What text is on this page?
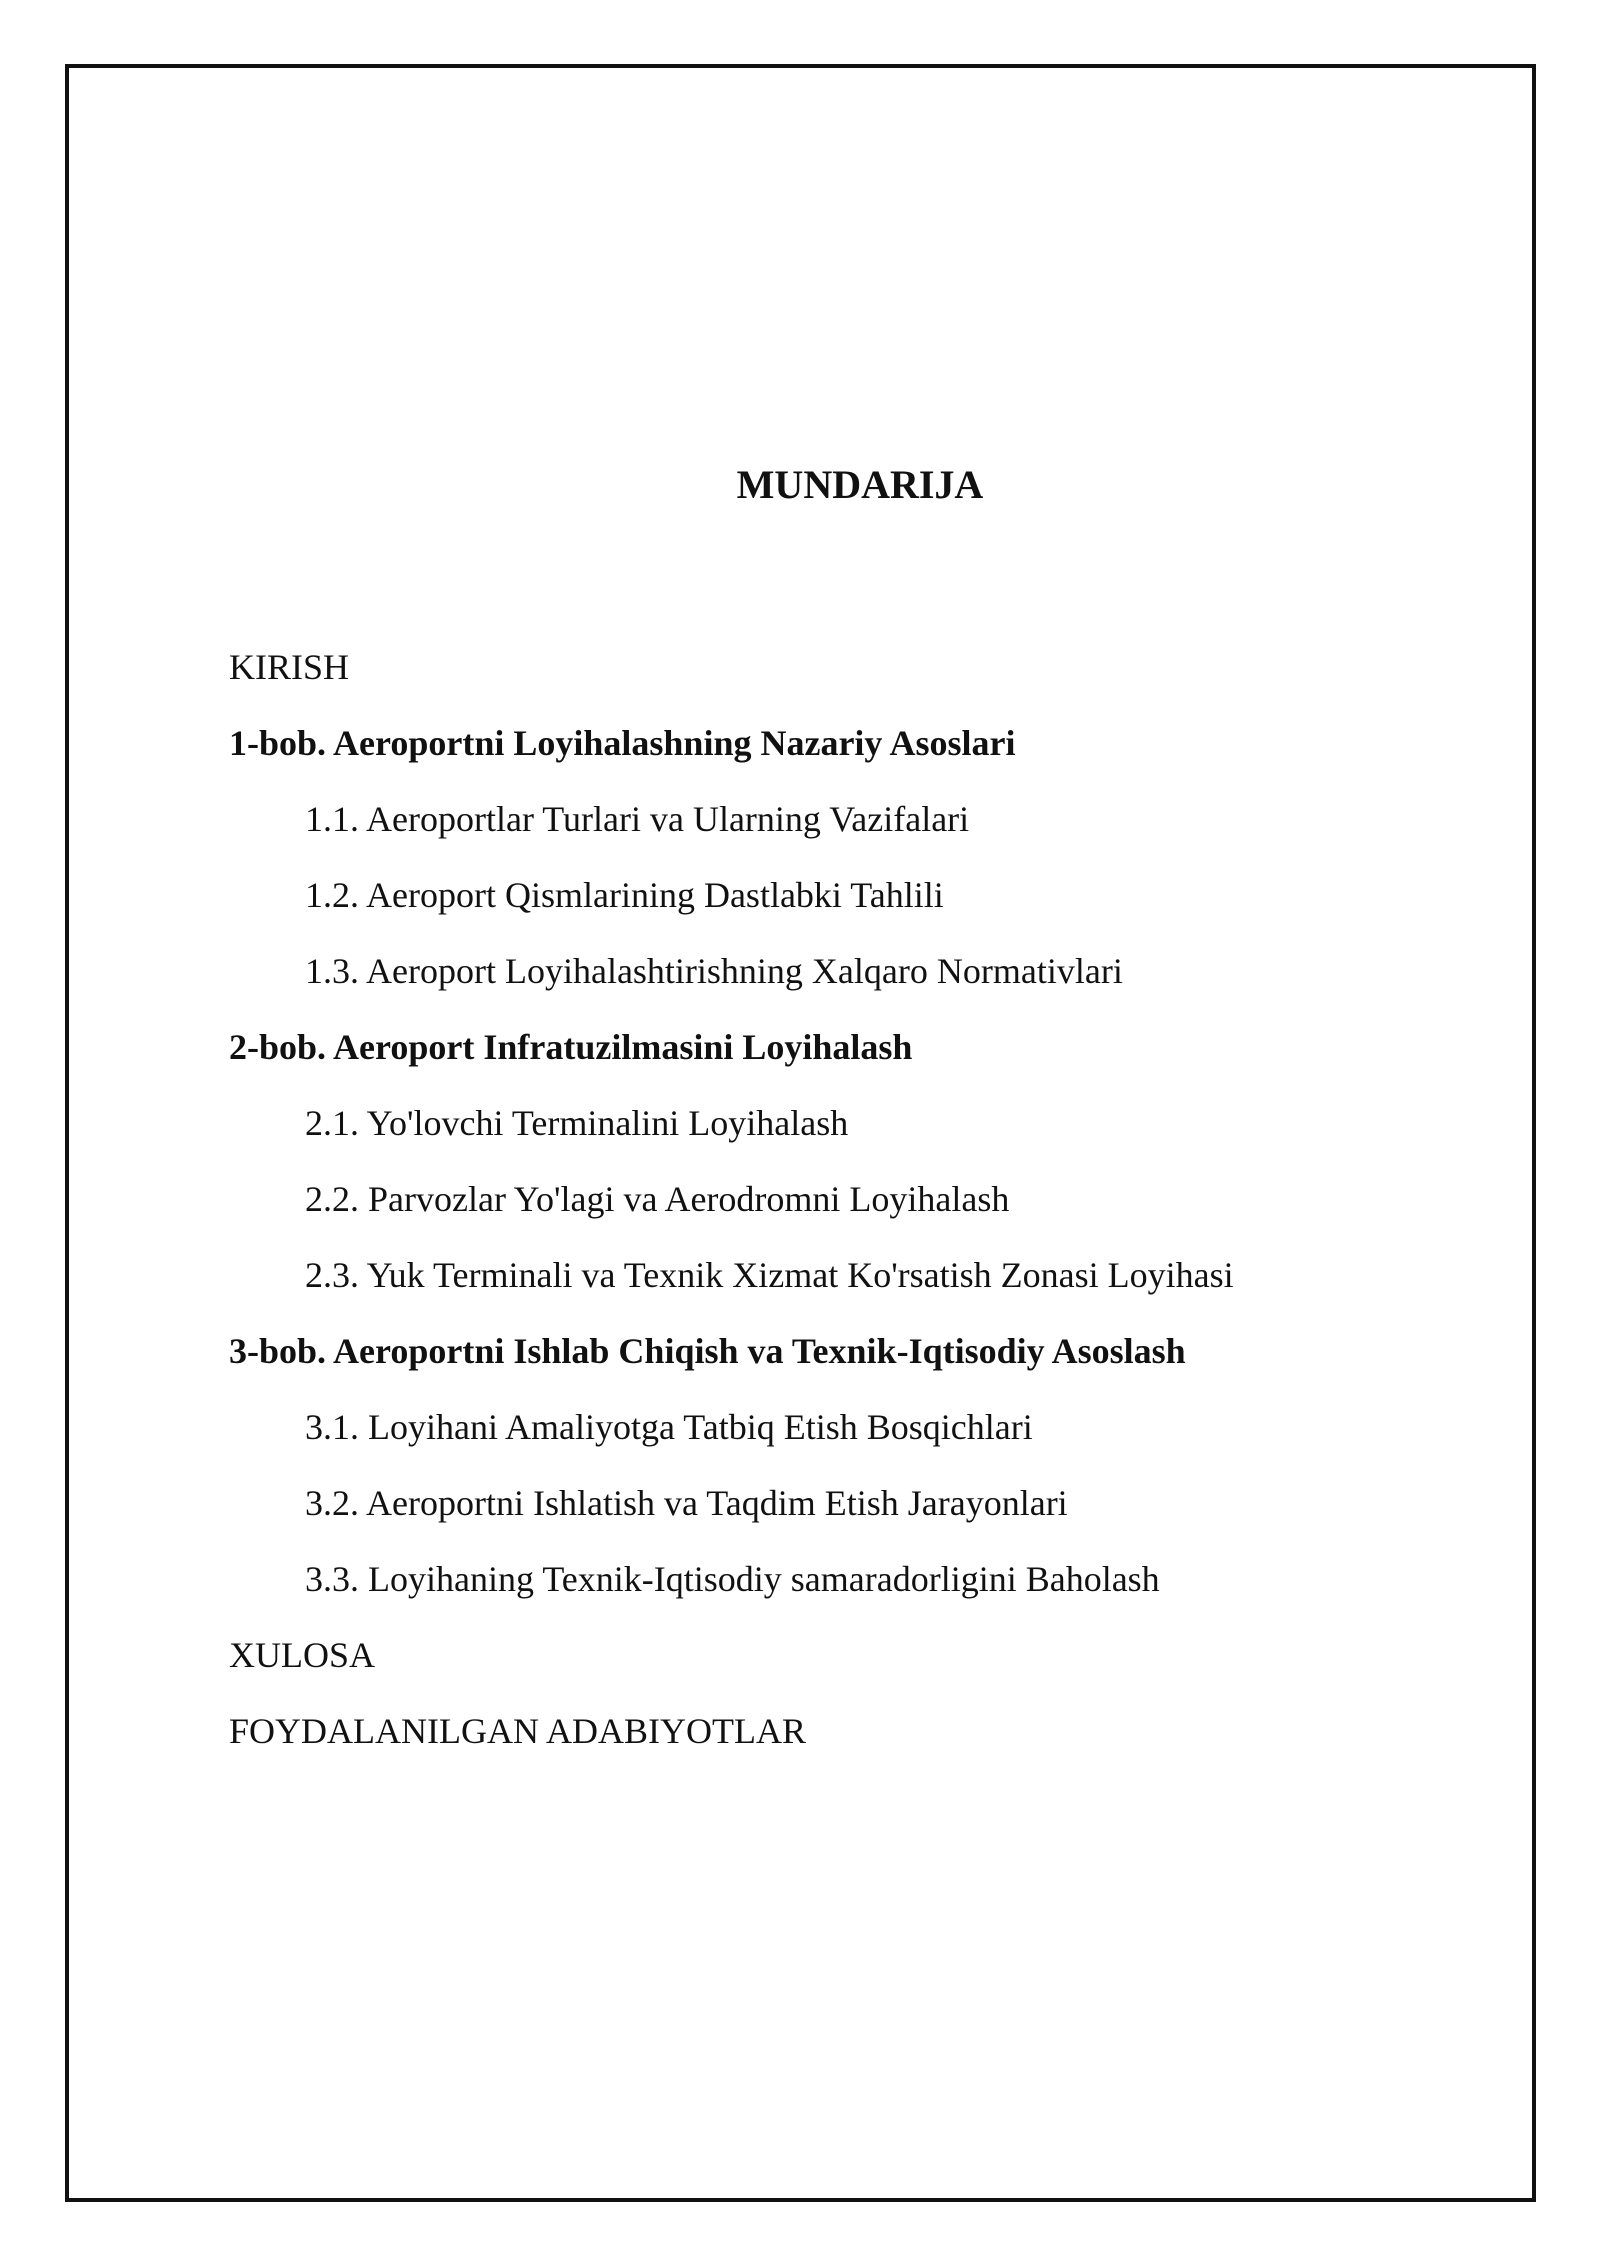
MUNDARIJA
KIRISH
1-bob. Aeroportni Loyihalashning Nazariy Asoslari
1.1. Aeroportlar Turlari va Ularning Vazifalari
1.2. Aeroport Qismlarining Dastlabki Tahlili
1.3. Aeroport Loyihalashtirishning Xalqaro Normativlari
2-bob. Aeroport Infratuzilmasini Loyihalash
2.1. Yo'lovchi Terminalini Loyihalash
2.2. Parvozlar Yo'lagi va Aerodromni Loyihalash
2.3. Yuk Terminali va Texnik Xizmat Ko'rsatish Zonasi Loyihasi
3-bob. Aeroportni Ishlab Chiqish va Texnik-Iqtisodiy Asoslash
3.1. Loyihani Amaliyotga Tatbiq Etish Bosqichlari
3.2. Aeroportni Ishlatish va Taqdim Etish Jarayonlari
3.3. Loyihaning Texnik-Iqtisodiy samaradorligini Baholash
XULOSA
FOYDALANILGAN ADABIYOTLAR
